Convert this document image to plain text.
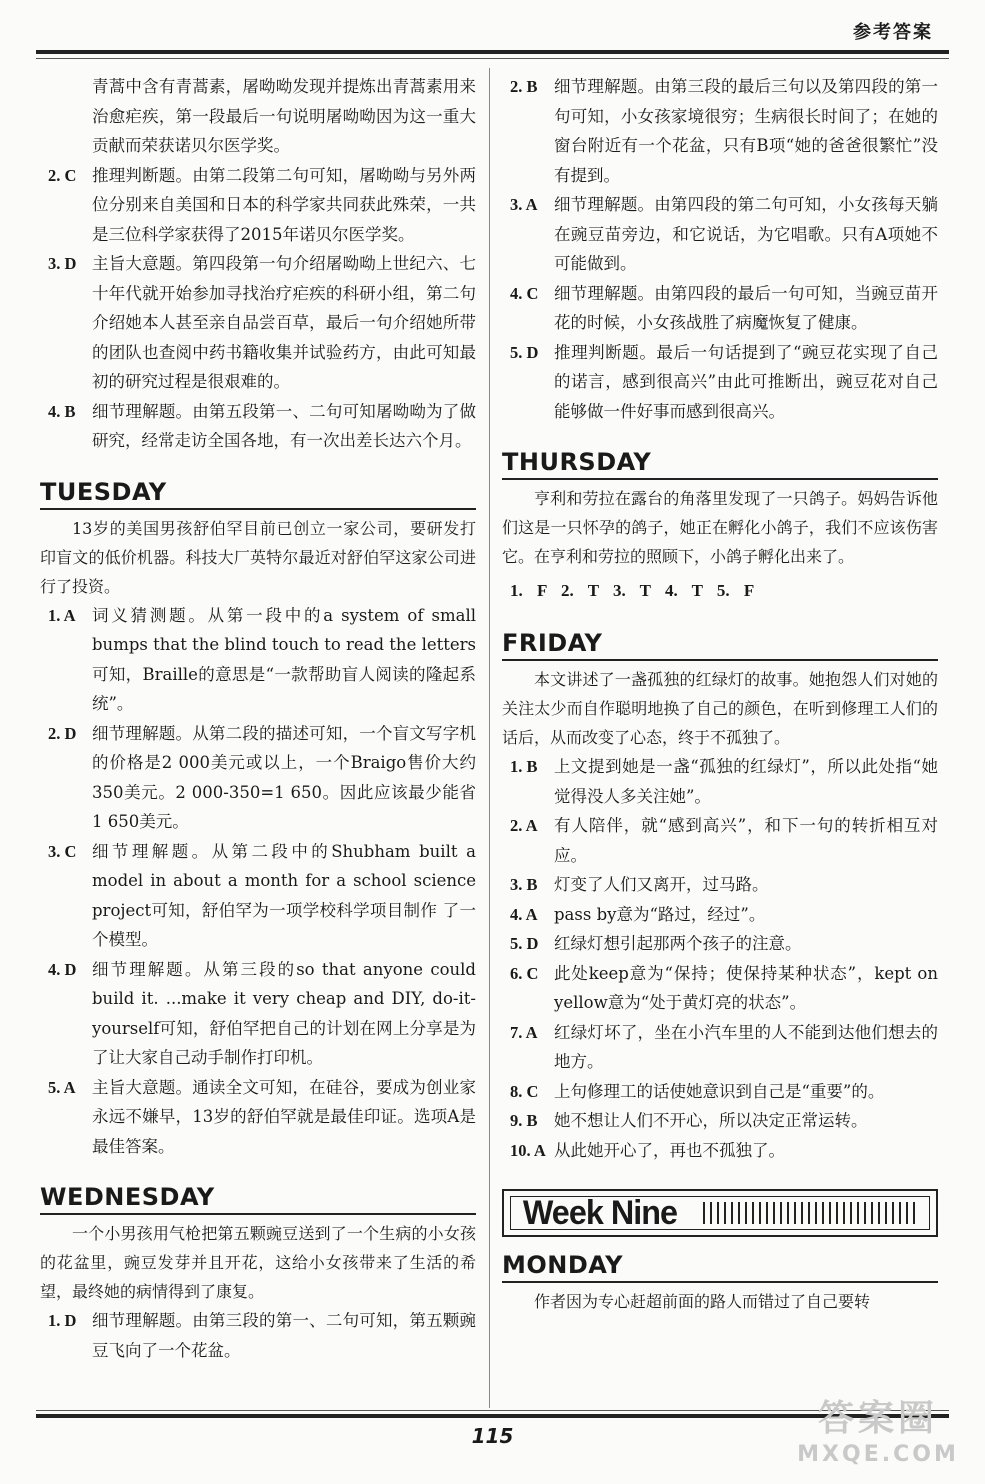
参考答案

青蒿中含有青蒿素，屠呦呦发现并提炼出青蒿素用来治愈疟疾，第一段最后一句说明屠呦呦因为这一重大贡献而荣获诺贝尔医学奖。

2. C 推理判断题。由第二段第二句可知，屠呦呦与另外两位分别来自美国和日本的科学家共同获此殊荣，一共是三位科学家获得了2015年诺贝尔医学奖。
3. D 主旨大意题。第四段第一句介绍屠呦呦上世纪六、七十年代就开始参加寻找治疗疟疾的科研小组，第二句介绍她本人甚至亲自品尝百草，最后一句介绍她所带的团队也查阅中药书籍收集并试验药方，由此可知最初的研究过程是很艰难的。
4. B 细节理解题。由第五段第一、二句可知屠呦呦为了做研究，经常走访全国各地，有一次出差长达六个月。
TUESDAY

13岁的美国男孩舒伯罕目前已创立一家公司，要研发打印盲文的低价机器。科技大厂英特尔最近对舒伯罕这家公司进行了投资。

1. A 词义猜测题。从第一段中的a system of small bumps that the blind touch to read the letters可知，Braille的意思是“一款帮助盲人阅读的隆起系统”。
2. D 细节理解题。从第二段的描述可知，一个盲文写字机的价格是2 000美元或以上，一个Braigo售价大约350美元。2 000-350=1 650。因此应该最少能省1 650美元。
3. C 细节理解题。从第二段中的Shubham built a model in about a month for a school science project可知，舒伯罕为一项学校科学项目制作 了一个模型。
4. D 细节理解题。从第三段的so that anyone could build it. ...make it very cheap and DIY, do-it-yourself可知，舒伯罕把自己的计划在网上分享是为了让大家自己动手制作打印机。
5. A 主旨大意题。通读全文可知，在硅谷，要成为创业家永远不嫌早，13岁的舒伯罕就是最佳印证。选项A是最佳答案。
WEDNESDAY

一个小男孩用气枪把第五颗豌豆送到了一个生病的小女孩的花盆里，豌豆发芽并且开花，这给小女孩带来了生活的希望，最终她的病情得到了康复。

1. D 细节理解题。由第三段的第一、二句可知，第五颗豌豆飞向了一个花盆。
2. B 细节理解题。由第三段的最后三句以及第四段的第一句可知，小女孩家境很穷；生病很长时间了；在她的窗台附近有一个花盆，只有B项“她的爸爸很繁忙”没有提到。
3. A 细节理解题。由第四段的第二句可知，小女孩每天躺在豌豆苗旁边，和它说话，为它唱歌。只有A项她不可能做到。
4. C 细节理解题。由第四段的最后一句可知，当豌豆苗开花的时候，小女孩战胜了病魔恢复了健康。
5. D 推理判断题。最后一句话提到了“豌豆花实现了自己的诺言，感到很高兴”由此可推断出，豌豆花对自己能够做一件好事而感到很高兴。
THURSDAY

亨利和劳拉在露台的角落里发现了一只鸽子。妈妈告诉他们这是一只怀孕的鸽子，她正在孵化小鸽子，我们不应该伤害它。在亨利和劳拉的照顾下，小鸽子孵化出来了。

1. F 2. T 3. T 4. T 5. F
FRIDAY

本文讲述了一盏孤独的红绿灯的故事。她抱怨人们对她的关注太少而自作聪明地换了自己的颜色，在听到修理工人们的话后，从而改变了心态，终于不孤独了。

1. B 上文提到她是一盏“孤独的红绿灯”，所以此处指“她觉得没人多关注她”。
2. A 有人陪伴，就“感到高兴”，和下一句的转折相互对应。
3. B 灯变了人们又离开，过马路。
4. A pass by意为“路过，经过”。
5. D 红绿灯想引起那两个孩子的注意。
6. C 此处keep意为“保持；使保持某种状态”，kept on yellow意为“处于黄灯亮的状态”。
7. A 红绿灯坏了，坐在小汽车里的人不能到达他们想去的地方。
8. C 上句修理工的话使她意识到自己是“重要”的。
9. B 她不想让人们不开心，所以决定正常运转。
10. A 从此她开心了，再也不孤独了。
Week Nine
MONDAY

作者因为专心赶超前面的路人而错过了自己要转

115	答案圈
MXQE.COM
